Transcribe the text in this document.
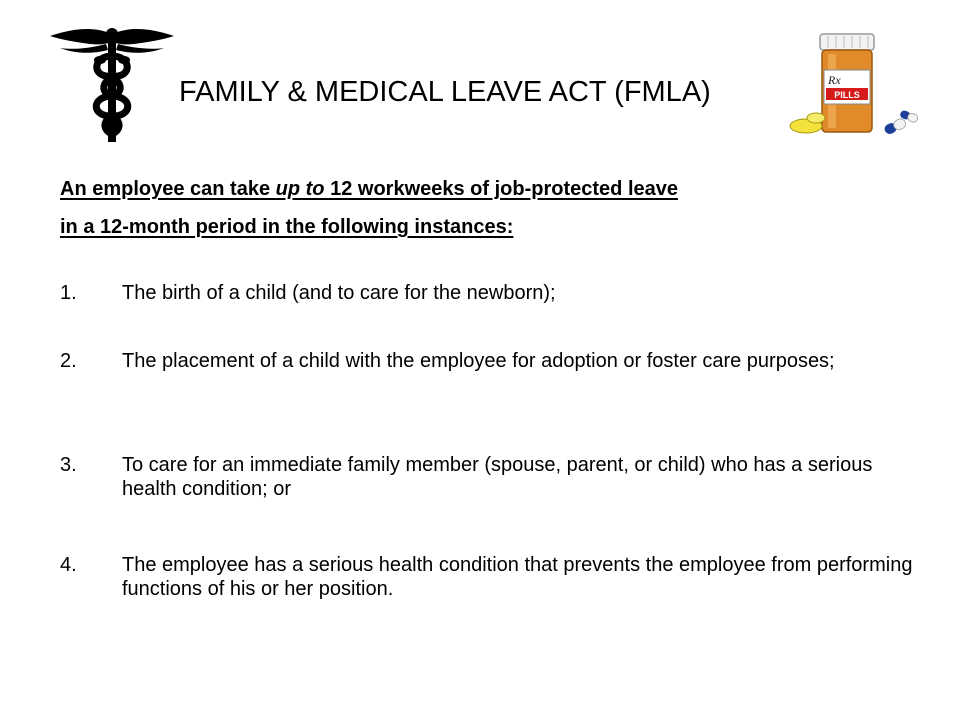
Rx
PILLS
FAMILY & MEDICAL LEAVE ACT (FMLA)
An employee can take up to 12 workweeks of job-protected leave
in a 12-month period in the following instances:
1. The birth of a child (and to care for the newborn);
2. The placement of a child with the employee for adoption or foster care purposes;
3. To care for an immediate family member (spouse, parent, or child) who has a serious health condition; or
4. The employee has a serious health condition that prevents the employee from performing functions of his or her position.
